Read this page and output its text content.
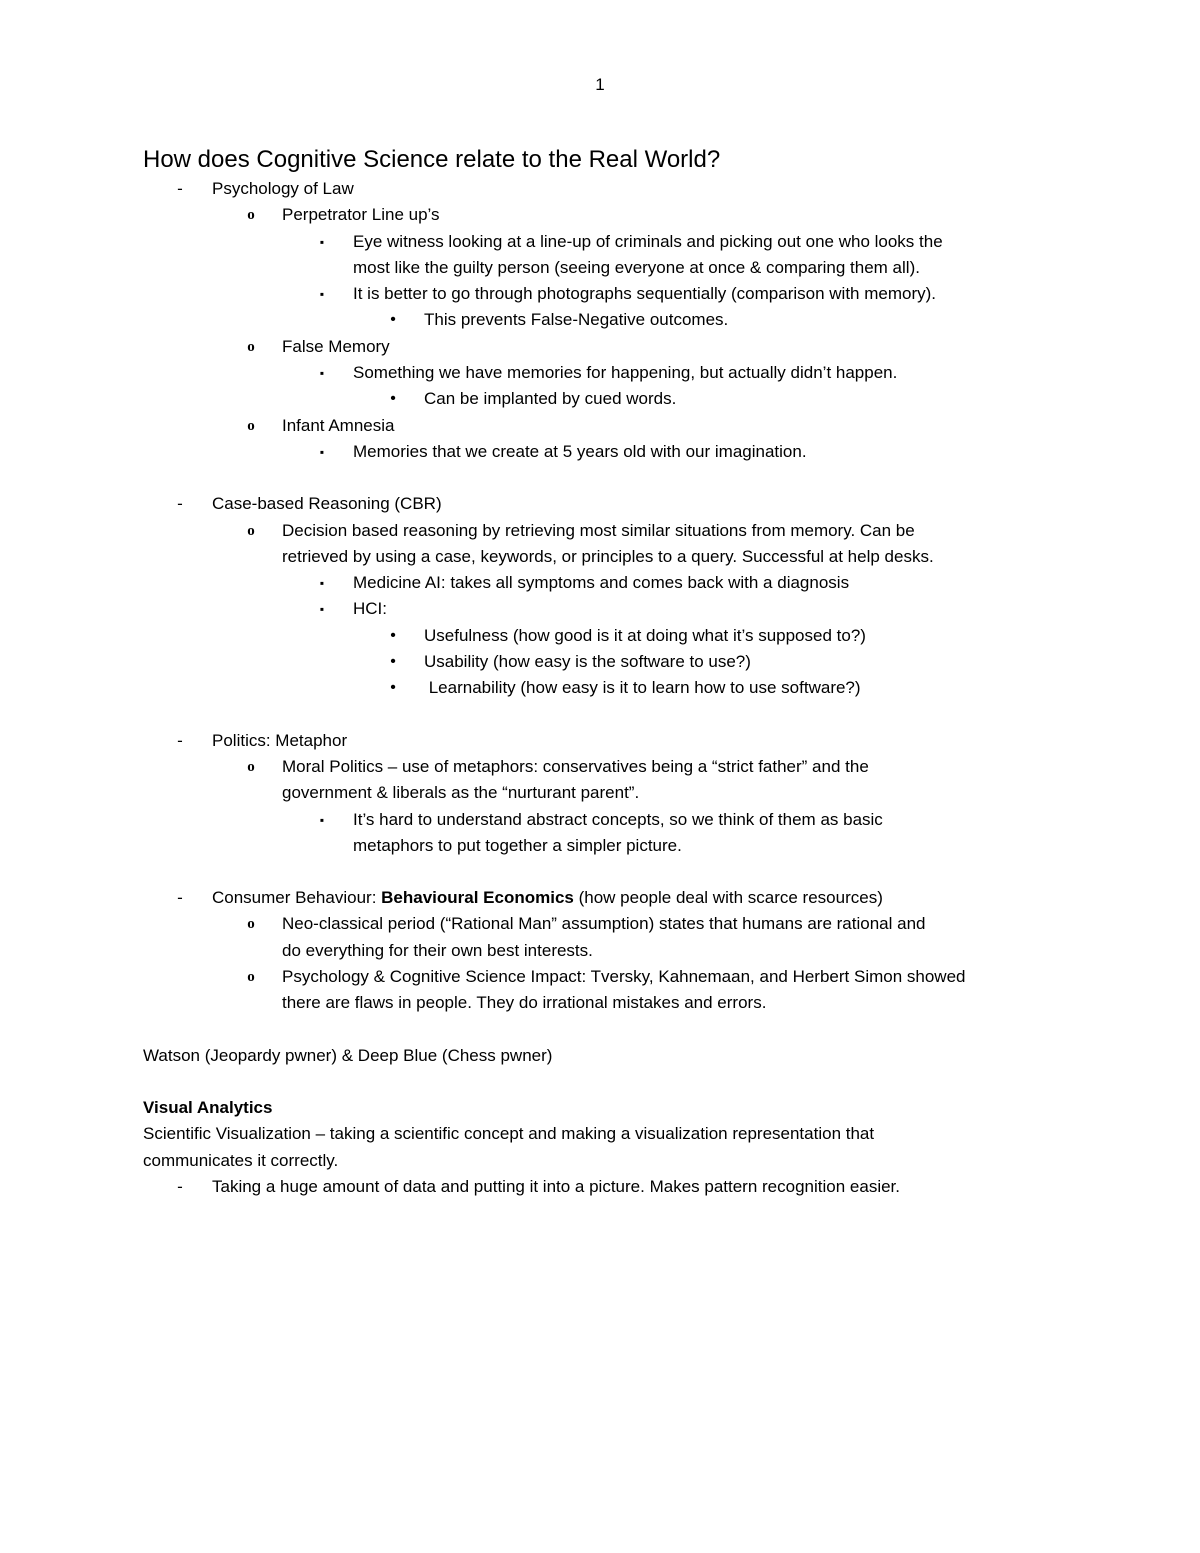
1
How does Cognitive Science relate to the Real World?
-	Psychology of Law
o Perpetrator Line up’s
▪	Eye witness looking at a line-up of criminals and picking out one who looks the
most like the guilty person (seeing everyone at once & comparing them all).
▪	It is better to go through photographs sequentially (comparison with memory).
•	This prevents False-Negative outcomes.
o False Memory
▪	Something we have memories for happening, but actually didn’t happen.
•	Can be implanted by cued words.
o Infant Amnesia
▪	Memories that we create at 5 years old with our imagination.
-	Case-based Reasoning (CBR)
o Decision based reasoning by retrieving most similar situations from memory. Can be
retrieved by using a case, keywords, or principles to a query. Successful at help desks.
▪	Medicine AI: takes all symptoms and comes back with a diagnosis
▪	HCI:
•	Usefulness (how good is it at doing what it’s supposed to?)
•	Usability (how easy is the software to use?)
•	Learnability (how easy is it to learn how to use software?)
-	Politics: Metaphor
o Moral Politics – use of metaphors: conservatives being a “strict father” and the
government & liberals as the “nurturant parent”.
▪	It’s hard to understand abstract concepts, so we think of them as basic
metaphors to put together a simpler picture.
-	Consumer Behaviour: Behavioural Economics (how people deal with scarce resources)
o Neo-classical period (“Rational Man” assumption) states that humans are rational and
do everything for their own best interests.
o Psychology & Cognitive Science Impact: Tversky, Kahnemaan, and Herbert Simon showed
there are flaws in people. They do irrational mistakes and errors.
Watson (Jeopardy pwner) & Deep Blue (Chess pwner)
Visual Analytics
Scientific Visualization – taking a scientific concept and making a visualization representation that
communicates it correctly.
-	Taking a huge amount of data and putting it into a picture. Makes pattern recognition easier.
